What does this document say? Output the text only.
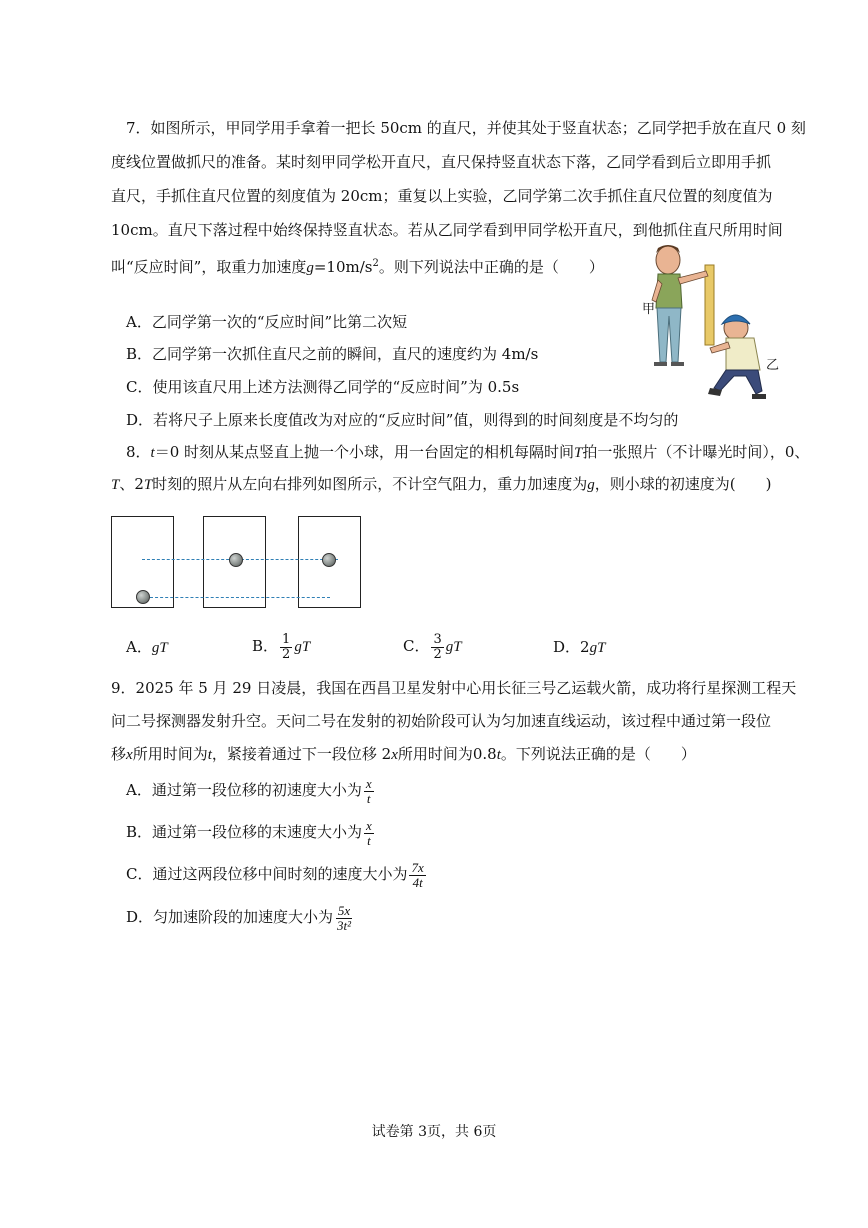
7．如图所示，甲同学用手拿着一把长 50cm 的直尺，并使其处于竖直状态；乙同学把手放在直尺 0 刻
度线位置做抓尺的准备。某时刻甲同学松开直尺，直尺保持竖直状态下落，乙同学看到后立即用手抓
直尺，手抓住直尺位置的刻度值为 20cm；重复以上实验，乙同学第二次手抓住直尺位置的刻度值为
10cm。直尺下落过程中始终保持竖直状态。若从乙同学看到甲同学松开直尺，到他抓住直尺所用时间
叫“反应时间”，取重力加速度$g=10m/s^2$。则下列说法中正确的是（　　）
甲
乙
A．乙同学第一次的“反应时间”比第二次短
B．乙同学第一次抓住直尺之前的瞬间，直尺的速度约为 4m/s
C．使用该直尺用上述方法测得乙同学的“反应时间”为 0.5s
D．若将尺子上原来长度值改为对应的“反应时间”值，则得到的时间刻度是不均匀的
8．t＝0 时刻从某点竖直上抛一个小球，用一台固定的相机每隔时间T拍一张照片（不计曝光时间），0、
T、2T时刻的照片从左向右排列如图所示，不计空气阻力，重力加速度为g，则小球的初速度为(　　)
A．gT	B． $\frac{1}{2}$ gT	C． $\frac{3}{2}$ gT	D．2gT
9．2025 年 5 月 29 日凌晨，我国在西昌卫星发射中心用长征三号乙运载火箭，成功将行星探测工程天
问二号探测器发射升空。天问二号在发射的初始阶段可认为匀加速直线运动，该过程中通过第一段位
移x所用时间为t，紧接着通过下一段位移 2x所用时间为0.8t。下列说法正确的是（　　）
A．通过第一段位移的初速度大小为 $\frac{x}{t}$
B．通过第一段位移的末速度大小为 $\frac{x}{t}$
C．通过这两段位移中间时刻的速度大小为 $\frac{7x}{4t}$
D．匀加速阶段的加速度大小为 $\frac{5x}{\text{3t²}}$
试卷第 3页，共 6页
